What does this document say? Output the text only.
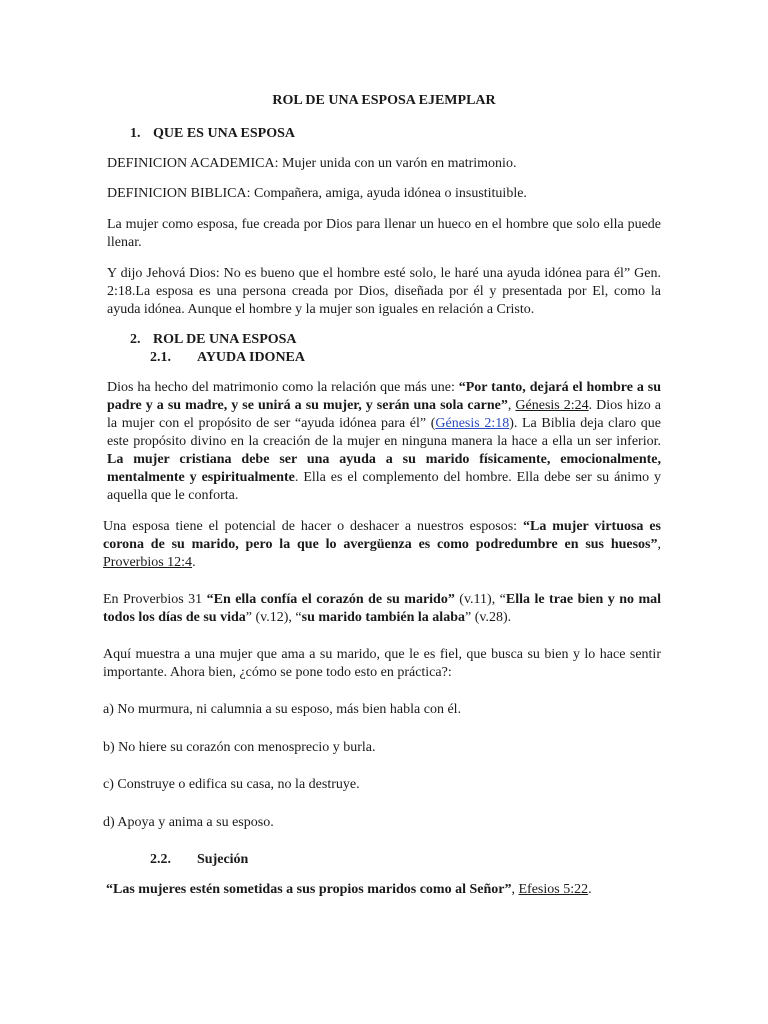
ROL DE UNA ESPOSA EJEMPLAR

1. QUE ES UNA ESPOSA

DEFINICION ACADEMICA: Mujer unida con un varón en matrimonio.

DEFINICION BIBLICA: Compañera, amiga, ayuda idónea o insustituible.

La mujer como esposa, fue creada por Dios para llenar un hueco en el hombre que solo ella puede llenar.

Y dijo Jehová Dios: No es bueno que el hombre esté solo, le haré una ayuda idónea para él” Gen. 2:18.La esposa es una persona creada por Dios, diseñada por él y presentada por El, como la ayuda idónea. Aunque el hombre y la mujer son iguales en relación a Cristo.

2. ROL DE UNA ESPOSA

2.1. AYUDA IDONEA

Dios ha hecho del matrimonio como la relación que más une: “Por tanto, dejará el hombre a su padre y a su madre, y se unirá a su mujer, y serán una sola carne”, Génesis 2:24. Dios hizo a la mujer con el propósito de ser “ayuda idónea para él” (Génesis 2:18). La Biblia deja claro que este propósito divino en la creación de la mujer en ninguna manera la hace a ella un ser inferior. La mujer cristiana debe ser una ayuda a su marido físicamente, emocionalmente, mentalmente y espiritualmente. Ella es el complemento del hombre. Ella debe ser su ánimo y aquella que le conforta.

Una esposa tiene el potencial de hacer o deshacer a nuestros esposos: “La mujer virtuosa es corona de su marido, pero la que lo avergüenza es como podredumbre en sus huesos”, Proverbios 12:4.

En Proverbios 31 “En ella confía el corazón de su marido” (v.11), “Ella le trae bien y no mal todos los días de su vida” (v.12), “su marido también la alaba” (v.28).

Aquí muestra a una mujer que ama a su marido, que le es fiel, que busca su bien y lo hace sentir importante. Ahora bien, ¿cómo se pone todo esto en práctica?:

a) No murmura, ni calumnia a su esposo, más bien habla con él.

b) No hiere su corazón con menosprecio y burla.

c) Construye o edifica su casa, no la destruye.

d) Apoya y anima a su esposo.

2.2. Sujeción

“Las mujeres estén sometidas a sus propios maridos como al Señor”, Efesios 5:22.
